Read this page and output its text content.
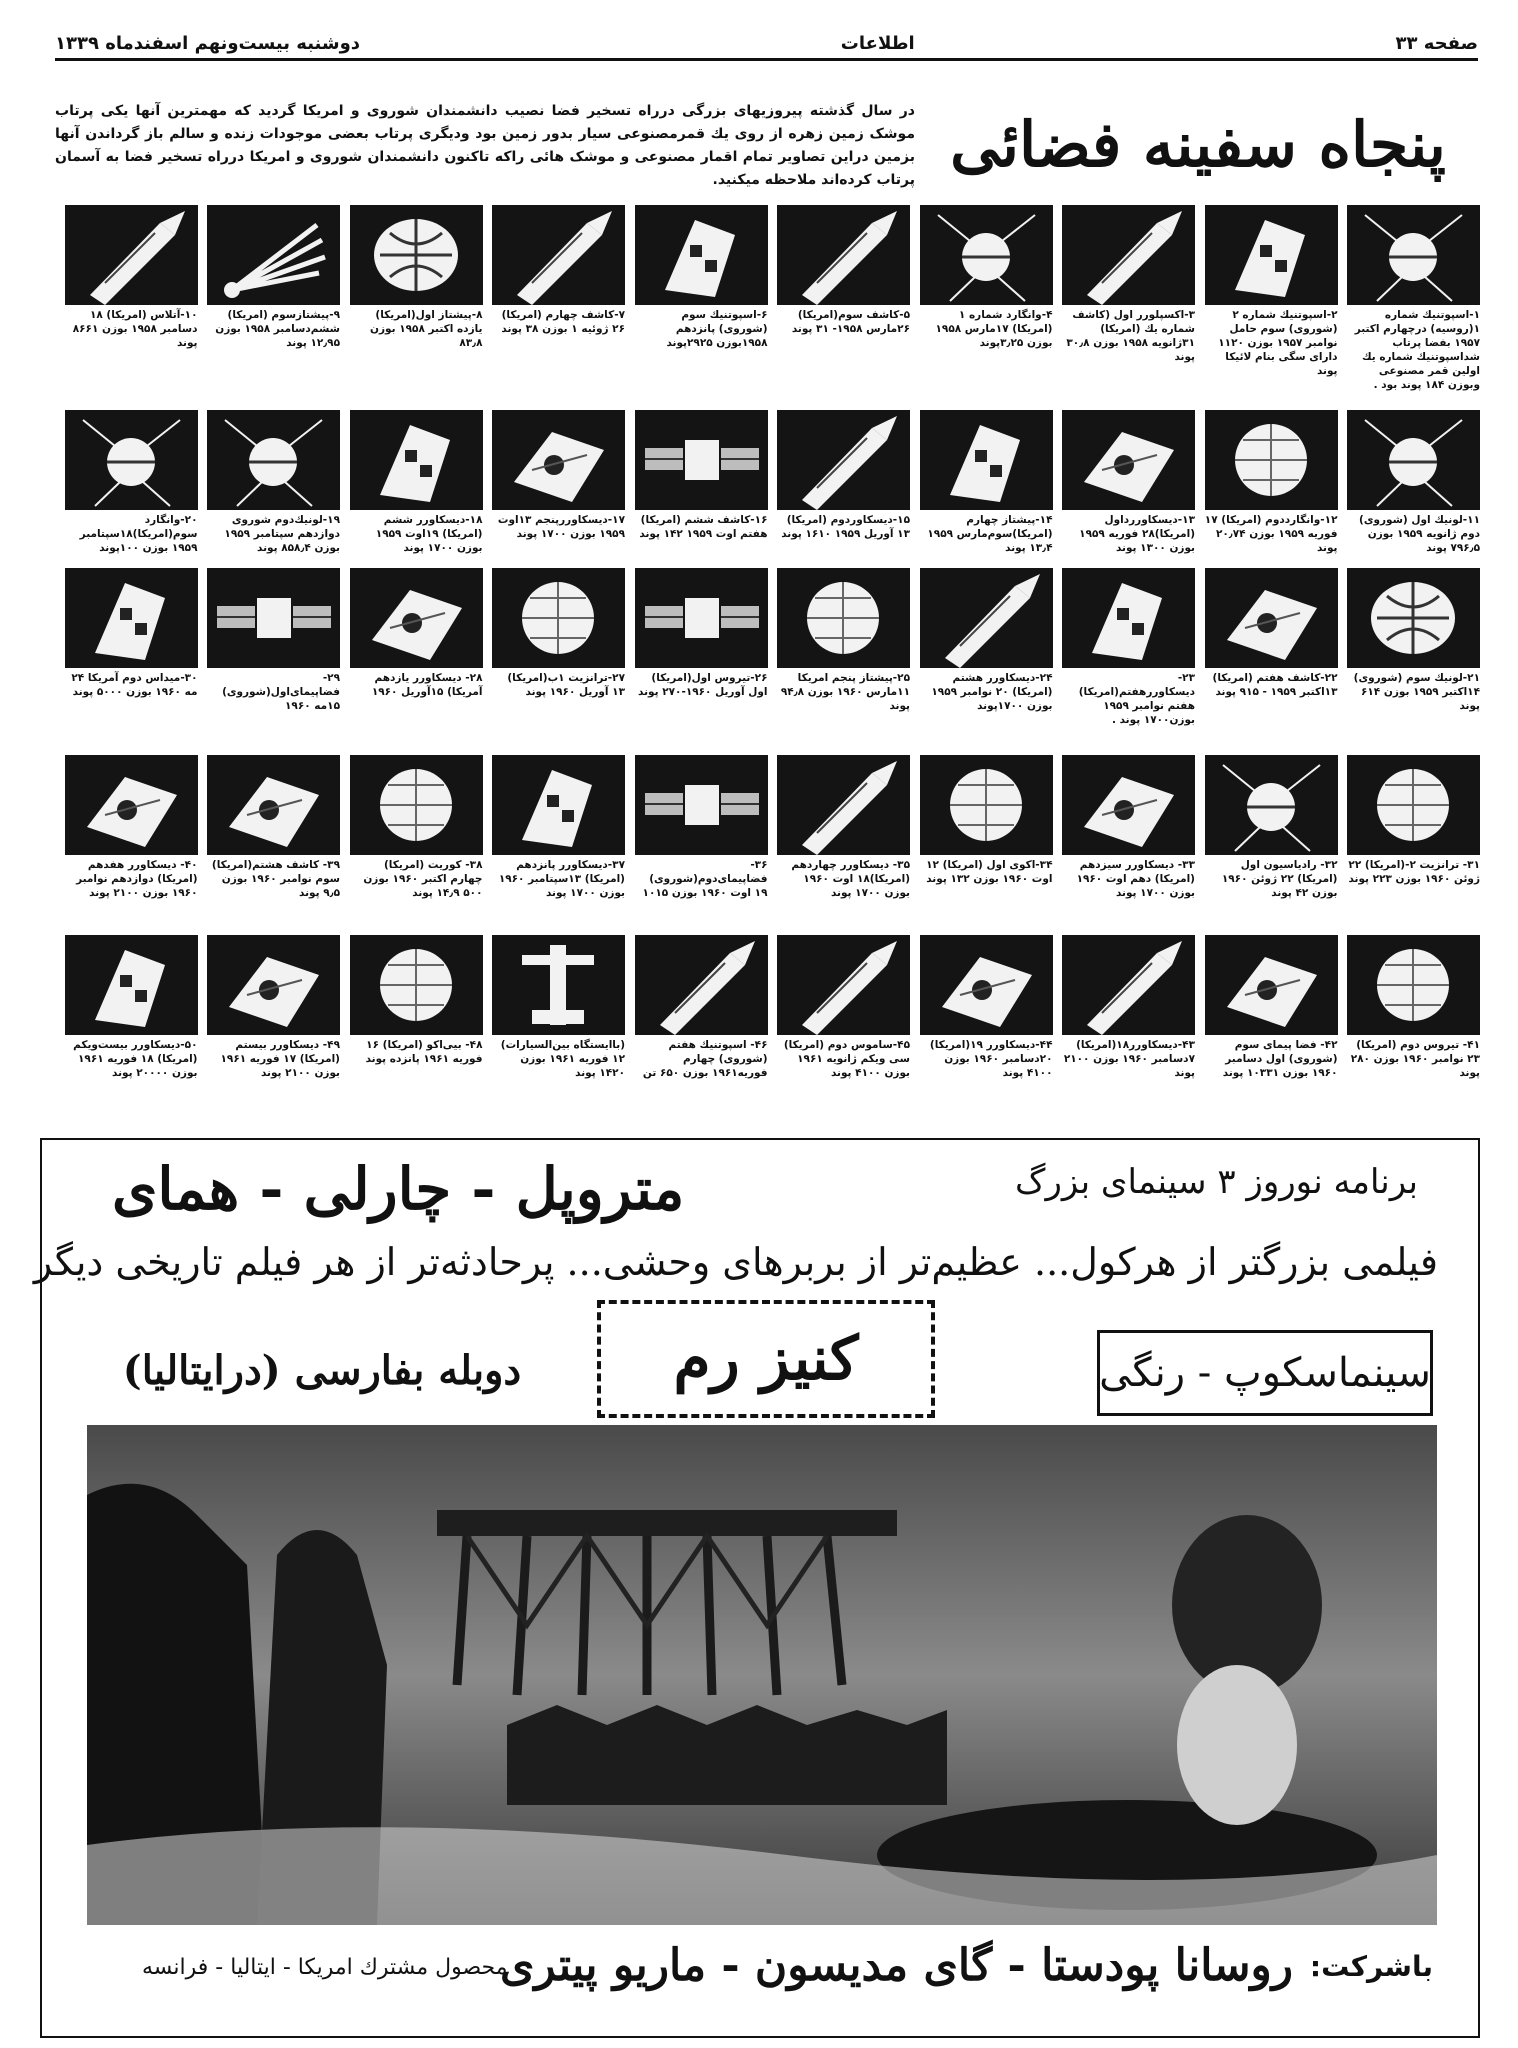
صفحه ۳۳
اطلاعات
دوشنبه بیست‌ونهم اسفندماه ۱۳۳۹
پنجاه سفینه فضائی
در سال گذشته پیروزیهای بزرگی درراه تسخیر فضا نصیب دانشمندان شوروی و امریکا گردید که مهمترین آنها یکی پرتاب موشک زمین زهره از روی یك قمرمصنوعی سیار بدور زمین بود وديگری پرتاب بعضی موجودات زنده و سالم باز گرداندن آنها بزمین دراین تصاویر تمام اقمار مصنوعی و موشک هائی راکه تاکنون دانشمندان شوروی و امریکا درراه تسخیر فضا به آسمان پرتاب کرده‌اند ملاحظه میکنید.
۱-اسپوتنیك شماره ۱(روسیه) درچهارم اکتبر ۱۹۵۷ بفضا پرتاب شداسپوتنیك شماره یك اولین قمر مصنوعی وبوزن ۱۸۴ پوند بود .
۲-اسپوتنیك شماره ۲ (شوروی) سوم حامل نوامبر ۱۹۵۷ بوزن ۱۱۲۰ دارای سگی بنام لائیکا پوند
۳-اکسپلورر اول (کاشف شماره یك (امریکا) ۳۱ژانویه ۱۹۵۸ بوزن ۳۰٫۸ پوند
۴-وانگارد شماره ۱ (امریکا) ۱۷مارس ۱۹۵۸ بوزن ۳٫۲۵پوند
۵-کاشف سوم(امریکا) ۲۶مارس ۱۹۵۸- ۳۱ پوند
۶-اسپوتنیك سوم (شوروی) پانزدهم ۱۹۵۸بوزن ۲۹۲۵پوند
۷-کاشف چهارم (امریکا) ۲۶ ژوئیه ۱ بوزن ۳۸ پوند
۸-پیشتاز اول(امریکا) یازده اکتبر ۱۹۵۸ بوزن ۸۳٫۸
۹-پیشتازسوم (امریکا) ششم‌دسامبر ۱۹۵۸ بوزن ۱۲٫۹۵ پوند
۱۰-آتلاس (امریکا) ۱۸ دسامبر ۱۹۵۸ بوزن ۸۶۶۱ پوند
۱۱-لونیك اول (شوروی) دوم ژانویه ۱۹۵۹ بوزن ۷۹۶٫۵ پوند
۱۲-وانگارددوم (امریکا) ۱۷ فوریه ۱۹۵۹ بوزن ۲۰٫۷۴ پوند
۱۳-دیسکاوررداول (امریکا)۲۸ فوریه ۱۹۵۹ بوزن ۱۳۰۰ پوند
۱۴-پیشتاز چهارم (امریکا)سوم‌مارس ۱۹۵۹ ۱۳٫۴ پوند
۱۵-دیسکاوردوم (امریکا) ۱۳ آوریل ۱۹۵۹ ۱۶۱۰ پوند
۱۶-کاشف ششم (امریکا) هفتم اوت ۱۹۵۹ ۱۴۲ پوند
۱۷-دیسکاوررپنجم ۱۳اوت ۱۹۵۹ بوزن ۱۷۰۰ پوند
۱۸-دیسکاورر ششم (امریکا) ۱۹اوت ۱۹۵۹ بوزن ۱۷۰۰ پوند
۱۹-لونیك‌دوم شوروی دوازدهم سپتامبر ۱۹۵۹ بوزن ۸۵۸٫۴ پوند
۲۰-وانگارد سوم(امریکا)۱۸سپتامبر ۱۹۵۹ بوزن ۱۰۰پوند
۲۱-لونیك سوم (شوروی) ۱۴اکتبر ۱۹۵۹ بوزن ۶۱۴ پوند
۲۲-کاشف هفتم (امریکا) ۱۳اکتبر ۱۹۵۹ - ۹۱۵ پوند
۲۳-دیسکاوررهفتم(امریکا) هفتم نوامبر ۱۹۵۹ بوزن۱۷۰۰ پوند .
۲۴-دیسکاورر هشتم (امریکا) ۲۰ نوامبر ۱۹۵۹ بوزن ۱۷۰۰پوند
۲۵-پیشتاز پنجم امریکا ۱۱مارس ۱۹۶۰ بوزن ۹۴٫۸ پوند
۲۶-تیروس اول(امریکا) اول آوریل ۱۹۶۰-۲۷۰ پوند
۲۷-ترانزیت ۱ب(امریکا) ۱۳ آوریل ۱۹۶۰ پوند
۲۸- دیسکاورر یازدهم آمریکا) ۱۵آوریل ۱۹۶۰
۲۹-فضاپیمای‌اول(شوروی) ۱۵مه ۱۹۶۰
۳۰-میداس دوم آمریکا ۲۴ مه ۱۹۶۰ بوزن ۵۰۰۰ پوند
۳۱- ترانزیت ۲-(امریکا) ۲۲ ژوئن ۱۹۶۰ بوزن ۲۲۳ پوند
۳۲- رادیاسیون اول (امریکا) ۲۲ ژوئن ۱۹۶۰ بوزن ۴۲ پوند
۳۳- دیسکاورر سیزدهم (امریکا) دهم اوت ۱۹۶۰ بوزن ۱۷۰۰ پوند
۳۴-اکوی اول (امریکا) ۱۲ اوت ۱۹۶۰ بوزن ۱۳۲ پوند
۳۵- دیسکاورر چهاردهم (امریکا)۱۸ اوت ۱۹۶۰ بوزن ۱۷۰۰ پوند
۳۶-فضاپیمای‌دوم(شوروی) ۱۹ اوت ۱۹۶۰ بوزن ۱۰۱۵
۳۷-دیسکاورر پانزدهم (امریکا) ۱۳سپتامبر ۱۹۶۰ بوزن ۱۷۰۰ پوند
۳۸- کوریت (امریکا) چهارم اکتبر ۱۹۶۰ بوزن ۵۰۰ ۱۴٫۹ پوند
۳۹- کاشف هشتم(امریکا) سوم نوامبر ۱۹۶۰ بوزن ۹٫۵ پوند
۴۰- دیسکاورر هفدهم (امریکا) دوازدهم نوامبر ۱۹۶۰ بوزن ۲۱۰۰ پوند
۴۱- تیروس دوم (امریکا) ۲۳ نوامبر ۱۹۶۰ بوزن ۲۸۰ پوند
۴۲- فضا پیمای سوم (شوروی) اول دسامبر ۱۹۶۰ بوزن ۱۰۳۳۱ پوند
۴۳-دیسکاورر۱۸(امریکا) ۷دسامبر ۱۹۶۰ بوزن ۲۱۰۰ پوند
۴۴-دیسکاورر ۱۹(امریکا) ۲۰دسامبر ۱۹۶۰ بوزن ۴۱۰۰ پوند
۴۵-ساموس دوم (امریکا) سی ویکم ژانویه ۱۹۶۱ بوزن ۴۱۰۰ پوند
۴۶- اسپوتنیك هفتم (شوروی) چهارم فوریه۱۹۶۱ بوزن ۶۵۰ تن
(باایستگاه بین‌السیارات) ۱۲ فوریه ۱۹۶۱ بوزن ۱۴۲۰ پوند
۴۸- بیی‌اکو (امریکا) ۱۶ فوریه ۱۹۶۱ پانزده پوند
۴۹- دیسکاورر بیستم (امریکا) ۱۷ فوریه ۱۹۶۱ بوزن ۲۱۰۰ پوند
۵۰-دیسکاورر بیست‌ویکم (امریکا) ۱۸ فوریه ۱۹۶۱ بوزن ۲۰۰۰۰ پوند
برنامه نوروز ۳ سینمای بزرگ
متروپل - چارلی - همای
فیلمی بزرگتر از هرکول... عظیم‌تر از بربرهای وحشی... پرحادثه‌تر از هر فیلم تاریخی دیگر
سینماسکوپ - رنگی
کنیز رم
دوبله بفارسی (درایتالیا)
باشرکت:
روسانا پودستا - گای مدیسون - ماریو پیتری
محصول مشترك امریکا - ایتالیا - فرانسه
